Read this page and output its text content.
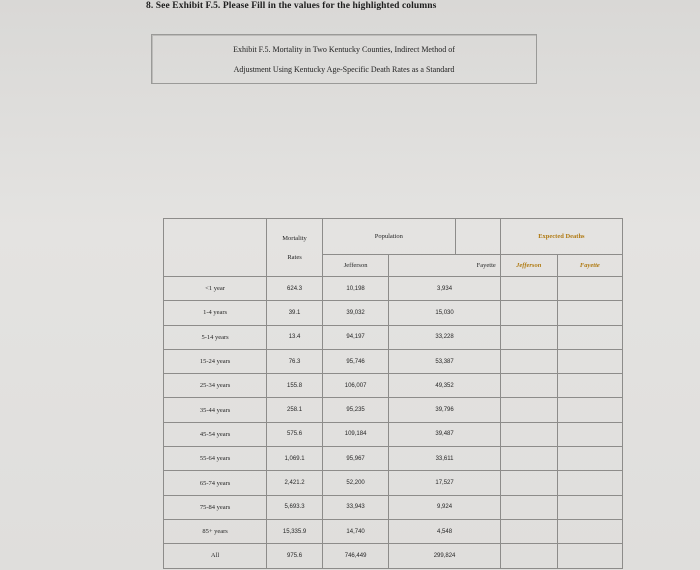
8. See Exhibit F.5. Please Fill in the values for the highlighted columns
Exhibit F.5. Mortality in Two Kentucky Counties, Indirect Method of
Adjustment Using Kentucky Age-Specific Death Rates as a Standard

	Mortality
Rates	Population			Expected Deaths	
		Jefferson	Fayette		Jefferson	Fayette
<1 year	624.3	10,198	3,934			
1-4 years	39.1	39,032	15,030			
5-14 years	13.4	94,197	33,228			
15-24 years	76.3	95,746	53,387			
25-34 years	155.8	106,007	49,352			
35-44 years	258.1	95,235	39,796			
45-54 years	575.6	109,184	39,487			
55-64 years	1,069.1	95,967	33,611			
65-74 years	2,421.2	52,200	17,527			
75-84 years	5,693.3	33,943	9,924			
85+ years	15,335.9	14,740	4,548			
All	975.6	746,449	299,824			
